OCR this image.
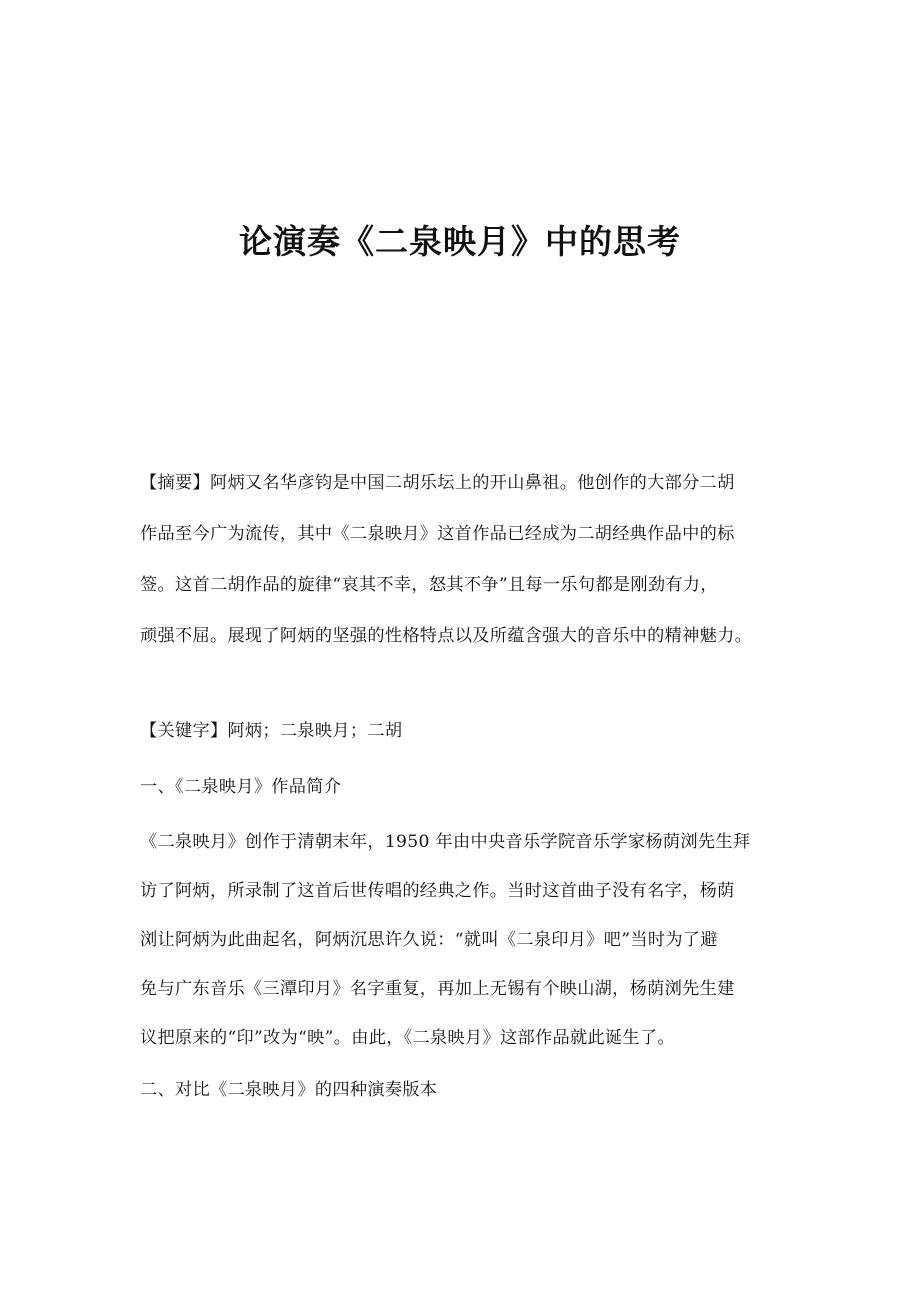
论演奏《二泉映月》中的思考
【摘要】阿炳又名华彦钧是中国二胡乐坛上的开山鼻祖。他创作的大部分二胡
作品至今广为流传，其中《二泉映月》这首作品已经成为二胡经典作品中的标
签。这首二胡作品的旋律“哀其不幸，怒其不争”且每一乐句都是刚劲有力，
顽强不屈。展现了阿炳的坚强的性格特点以及所蕴含强大的音乐中的精神魅力。
【关键字】阿炳；二泉映月；二胡
一、《二泉映月》作品简介
《二泉映月》创作于清朝末年，1950 年由中央音乐学院音乐学家杨荫浏先生拜
访了阿炳，所录制了这首后世传唱的经典之作。当时这首曲子没有名字，杨荫
浏让阿炳为此曲起名，阿炳沉思许久说：“就叫《二泉印月》吧”当时为了避
免与广东音乐《三潭印月》名字重复，再加上无锡有个映山湖，杨荫浏先生建
议把原来的“印”改为“映”。由此，《二泉映月》这部作品就此诞生了。
二、对比《二泉映月》的四种演奏版本
